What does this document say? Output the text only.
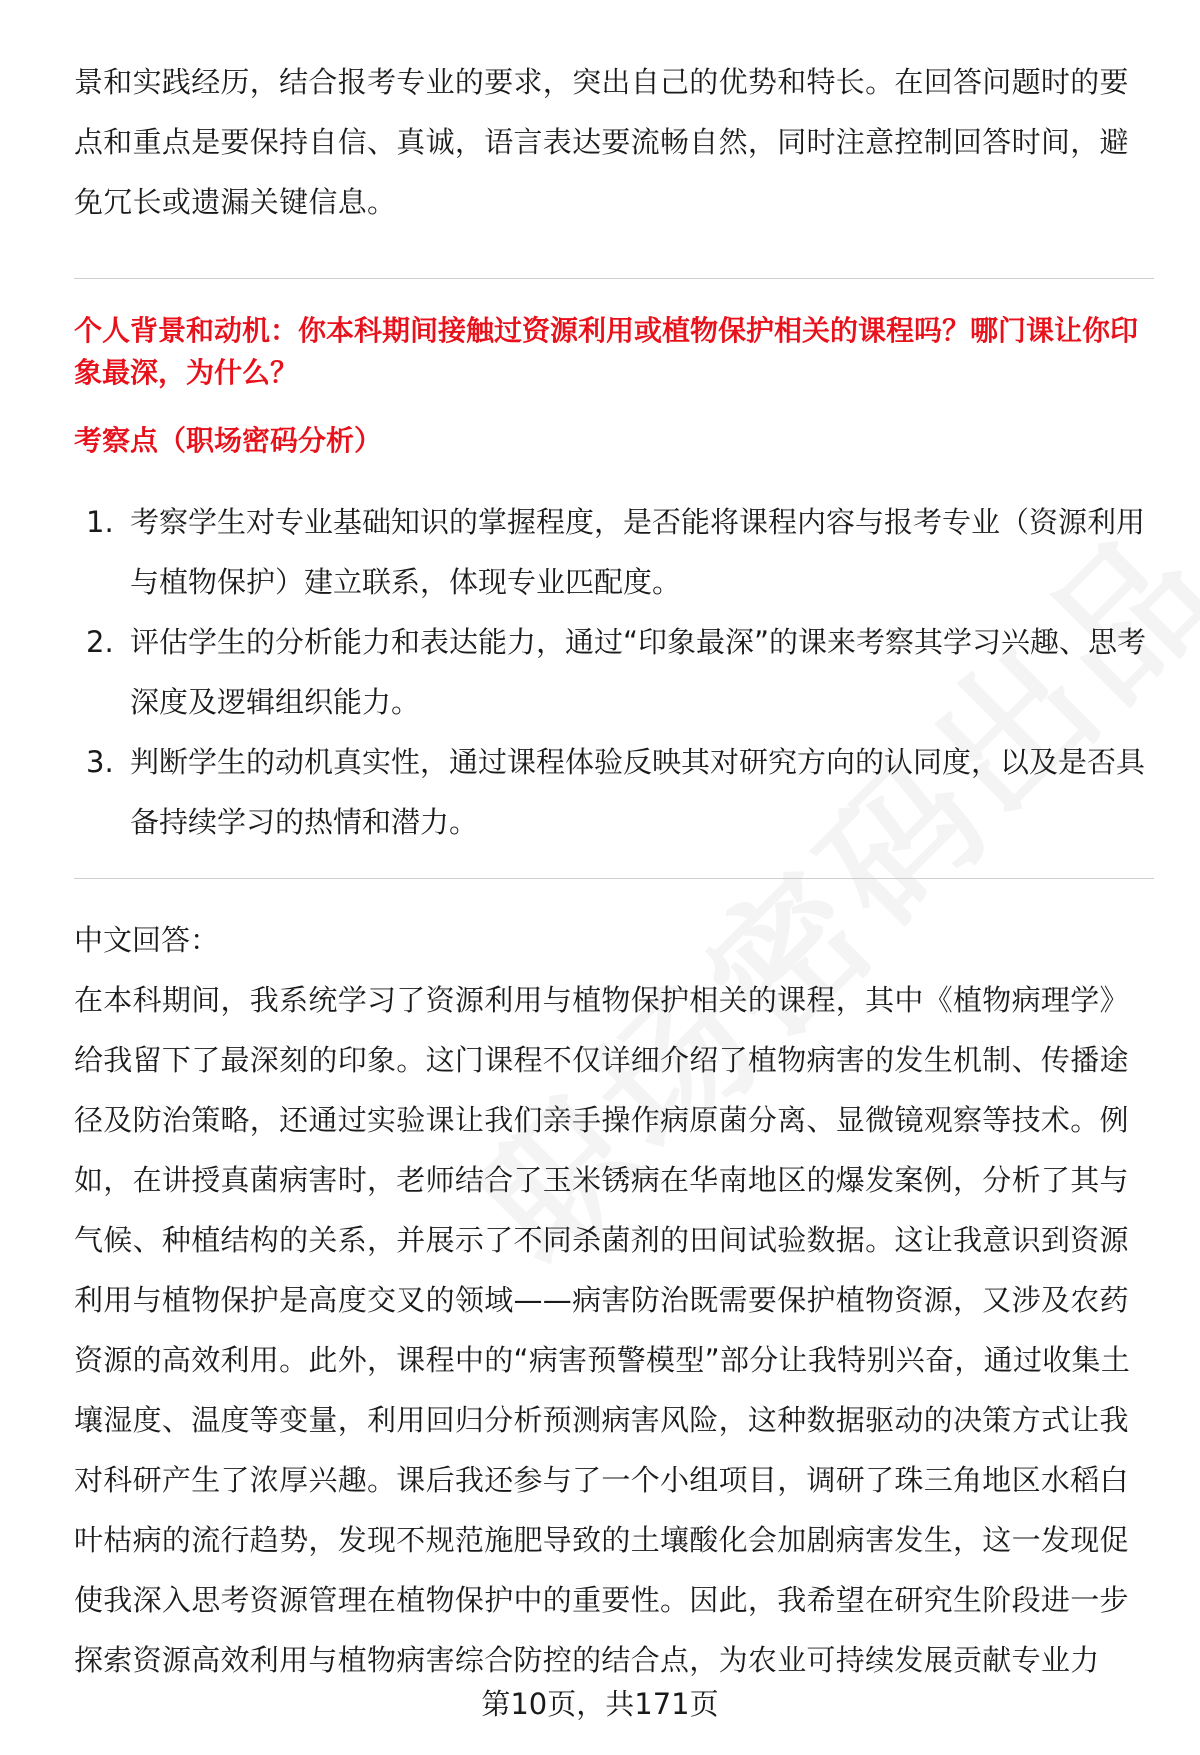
景和实践经历，结合报考专业的要求，突出自己的优势和特长。在回答问题时的要点和重点是要保持自信、真诚，语言表达要流畅自然，同时注意控制回答时间，避免冗长或遗漏关键信息。

个人背景和动机：你本科期间接触过资源利用或植物保护相关的课程吗？哪门课让你印象最深，为什么？

考察点（职场密码分析）

1. 考察学生对专业基础知识的掌握程度，是否能将课程内容与报考专业（资源利用与植物保护）建立联系，体现专业匹配度。
2. 评估学生的分析能力和表达能力，通过“印象最深”的课来考察其学习兴趣、思考深度及逻辑组织能力。
3. 判断学生的动机真实性，通过课程体验反映其对研究方向的认同度，以及是否具备持续学习的热情和潜力。

中文回答：

在本科期间，我系统学习了资源利用与植物保护相关的课程，其中《植物病理学》给我留下了最深刻的印象。这门课程不仅详细介绍了植物病害的发生机制、传播途径及防治策略，还通过实验课让我们亲手操作病原菌分离、显微镜观察等技术。例如，在讲授真菌病害时，老师结合了玉米锈病在华南地区的爆发案例，分析了其与气候、种植结构的关系，并展示了不同杀菌剂的田间试验数据。这让我意识到资源利用与植物保护是高度交叉的领域——病害防治既需要保护植物资源，又涉及农药资源的高效利用。此外，课程中的“病害预警模型”部分让我特别兴奋，通过收集土壤湿度、温度等变量，利用回归分析预测病害风险，这种数据驱动的决策方式让我对科研产生了浓厚兴趣。课后我还参与了一个小组项目，调研了珠三角地区水稻白叶枯病的流行趋势，发现不规范施肥导致的土壤酸化会加剧病害发生，这一发现促使我深入思考资源管理在植物保护中的重要性。因此，我希望在研究生阶段进一步探索资源高效利用与植物病害综合防控的结合点，为农业可持续发展贡献专业力

第10页，共171页
